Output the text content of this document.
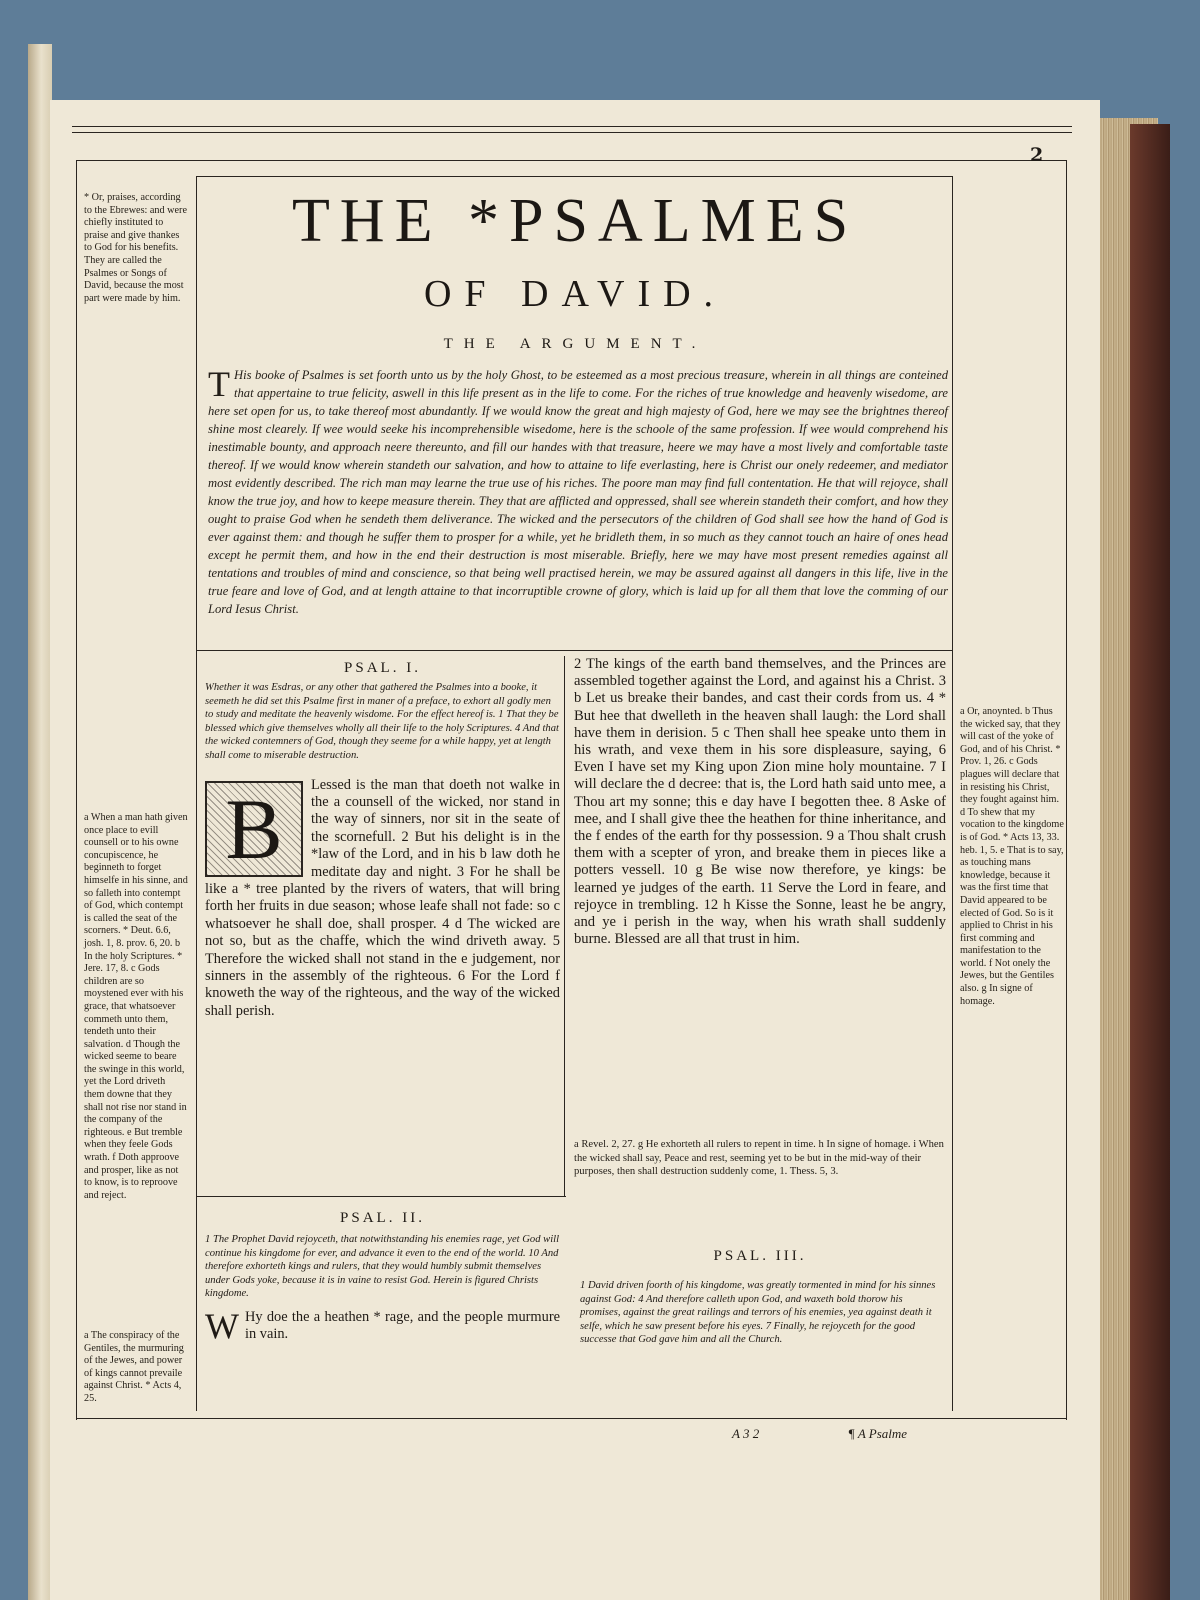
2
THE *PSALMES
OF DAVID.
THE ARGUMENT.
T His booke of Psalmes is set foorth unto us by the holy Ghost, to be esteemed as a most precious treasure, wherein in all things are conteined that appertaine to true felicity, aswell in this life present as in the life to come. For the riches of true knowledge and heavenly wisedome, are here set open for us, to take thereof most abundantly. If we would know the great and high majesty of God, here we may see the brightnes thereof shine most clearely. If wee would seeke his incomprehensible wisedome, here is the schoole of the same profession. If wee would comprehend his inestimable bounty, and approach neere thereunto, and fill our handes with that treasure, heere we may have a most lively and comfortable taste thereof. If we would know wherein standeth our salvation, and how to attaine to life everlasting, here is Christ our onely redeemer, and mediator most evidently described. The rich man may learne the true use of his riches. The poore man may find full contentation. He that will rejoyce, shall know the true joy, and how to keepe measure therein. They that are afflicted and oppressed, shall see wherein standeth their comfort, and how they ought to praise God when he sendeth them deliverance. The wicked and the persecutors of the children of God shall see how the hand of God is ever against them: and though he suffer them to prosper for a while, yet he bridleth them, in so much as they cannot touch an haire of ones head except he permit them, and how in the end their destruction is most miserable. Briefly, here we may have most present remedies against all tentations and troubles of mind and conscience, so that being well practised herein, we may be assured against all dangers in this life, live in the true feare and love of God, and at length attaine to that incorruptible crowne of glory, which is laid up for all them that love the comming of our Lord Iesus Christ.
* Or, praises, according to the Ebrewes: and were chiefly instituted to praise and give thankes to God for his benefits. They are called the Psalmes or Songs of David, because the most part were made by him.
PSAL. I.
Whether it was Esdras, or any other that gathered the Psalmes into a booke, it seemeth he did set this Psalme first in maner of a preface, to exhort all godly men to study and meditate the heavenly wisdome. For the effect hereof is. 1 That they be blessed which give themselves wholly all their life to the holy Scriptures. 4 And that the wicked contemners of God, though they seeme for a while happy, yet at length shall come to miserable destruction.
B	Lessed is the man that doeth not walke in the a counsell of the wicked, nor stand in the way of sinners, nor sit in the seate of the scornefull. 2 But his delight is in the *law of the Lord, and in his b law doth he meditate day and night. 3 For he shall be like a * tree planted by the rivers of waters, that will bring forth her fruits in due season; whose leafe shall not fade: so c whatsoever he shall doe, shall prosper. 4 d The wicked are not so, but as the chaffe, which the wind driveth away. 5 Therefore the wicked shall not stand in the e judgement, nor sinners in the assembly of the righteous. 6 For the Lord f knoweth the way of the righteous, and the way of the wicked shall perish.
2 The kings of the earth band themselves, and the Princes are assembled together against the Lord, and against his a Christ. 3 b Let us breake their bandes, and cast their cords from us. 4 * But hee that dwelleth in the heaven shall laugh: the Lord shall have them in derision. 5 c Then shall hee speake unto them in his wrath, and vexe them in his sore displeasure, saying, 6 Even I have set my King upon Zion mine holy mountaine. 7 I will declare the d decree: that is, the Lord hath said unto mee, a Thou art my sonne; this e day have I begotten thee. 8 Aske of mee, and I shall give thee the heathen for thine inheritance, and the f endes of the earth for thy possession. 9 a Thou shalt crush them with a scepter of yron, and breake them in pieces like a potters vessell. 10 g Be wise now therefore, ye kings: be learned ye judges of the earth. 11 Serve the Lord in feare, and rejoyce in trembling. 12 h Kisse the Sonne, least he be angry, and ye i perish in the way, when his wrath shall suddenly burne. Blessed are all that trust in him.
a When a man hath given once place to evill counsell or to his owne concupiscence, he beginneth to forget himselfe in his sinne, and so falleth into contempt of God, which contempt is called the seat of the scorners. * Deut. 6.6, josh. 1, 8. prov. 6, 20. b In the holy Scriptures. * Jere. 17, 8. c Gods children are so moystened ever with his grace, that whatsoever commeth unto them, tendeth unto their salvation. d Though the wicked seeme to beare the swinge in this world, yet the Lord driveth them downe that they shall not rise nor stand in the company of the righteous. e But tremble when they feele Gods wrath. f Doth approove and prosper, like as not to know, is to reproove and reject.
a Or, anoynted. b Thus the wicked say, that they will cast of the yoke of God, and of his Christ. * Prov. 1, 26. c Gods plagues will declare that in resisting his Christ, they fought against him. d To shew that my vocation to the kingdome is of God. * Acts 13, 33. heb. 1, 5. e That is to say, as touching mans knowledge, because it was the first time that David appeared to be elected of God. So is it applied to Christ in his first comming and manifestation to the world. f Not onely the Jewes, but the Gentiles also. g In signe of homage.
a Revel. 2, 27. g He exhorteth all rulers to repent in time. h In signe of homage. i When the wicked shall say, Peace and rest, seeming yet to be but in the mid-way of their purposes, then shall destruction suddenly come, 1. Thess. 5, 3.
PSAL. II.
1 The Prophet David rejoyceth, that notwithstanding his enemies rage, yet God will continue his kingdome for ever, and advance it even to the end of the world. 10 And therefore exhorteth kings and rulers, that they would humbly submit themselves under Gods yoke, because it is in vaine to resist God. Herein is figured Christs kingdome.
W Hy doe the a heathen * rage, and the people murmure in vain.
a The conspiracy of the Gentiles, the murmuring of the Jewes, and power of kings cannot prevaile against Christ. * Acts 4, 25.
PSAL. III.
1 David driven foorth of his kingdome, was greatly tormented in mind for his sinnes against God: 4 And therefore calleth upon God, and waxeth bold thorow his promises, against the great railings and terrors of his enemies, yea against death it selfe, which he saw present before his eyes. 7 Finally, he rejoyceth for the good successe that God gave him and all the Church.
A 3 2	¶ A Psalme
